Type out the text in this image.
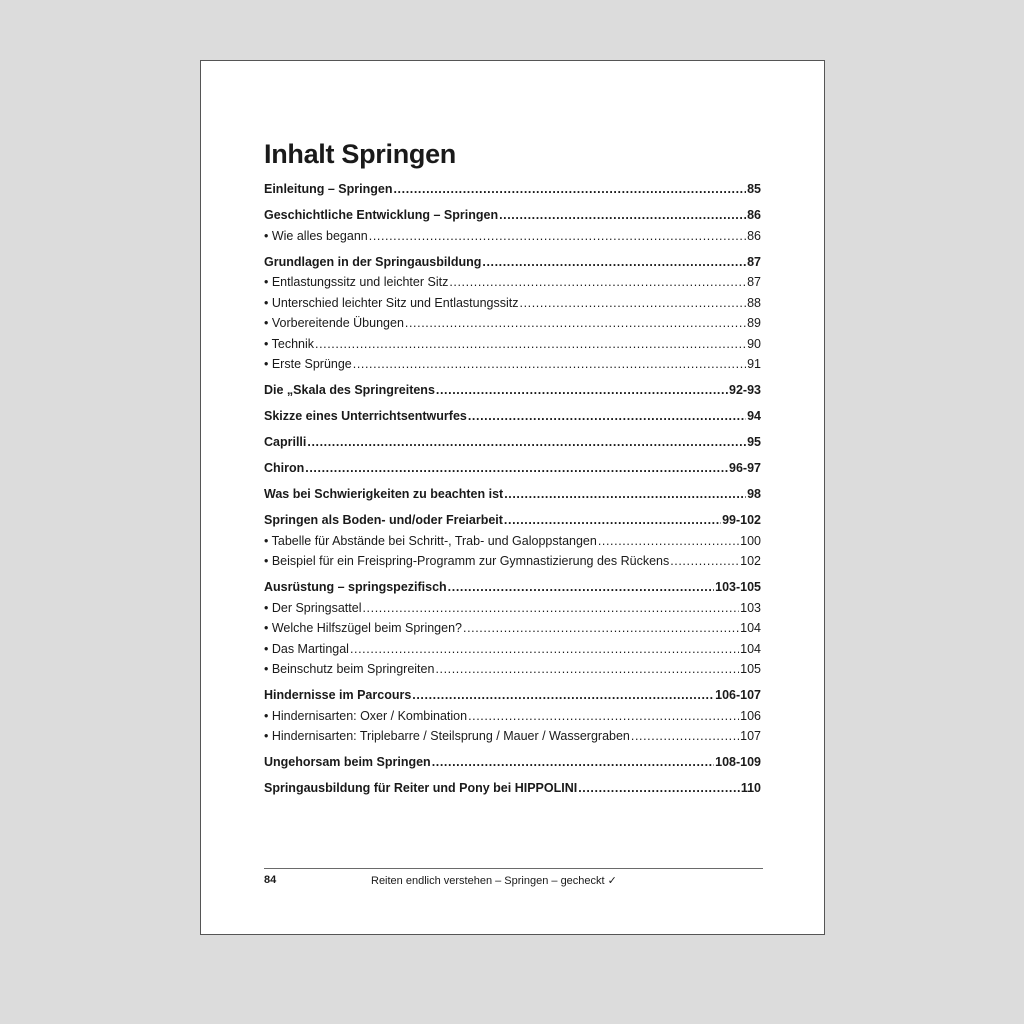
Inhalt Springen
Einleitung – Springen .....	85
Geschichtliche Entwicklung – Springen .....	86
• Wie alles begann .....	86
Grundlagen in der Springausbildung .....	87
• Entlastungssitz und leichter Sitz .....	87
• Unterschied leichter Sitz und Entlastungssitz .....	88
• Vorbereitende Übungen .....	89
• Technik .....	90
• Erste Sprünge .....	91
Die „Skala des Springreitens .....	92-93
Skizze eines Unterrichtsentwurfes .....	94
Caprilli .....	95
Chiron .....	96-97
Was bei Schwierigkeiten zu beachten ist .....	98
Springen als Boden- und/oder Freiarbeit .....	99-102
• Tabelle für Abstände bei Schritt-, Trab- und Galoppstangen .....	100
• Beispiel für ein Freispring-Programm zur Gymnastizierung des Rückens .....	102
Ausrüstung – springspezifisch .....	103-105
• Der Springsattel .....	103
• Welche Hilfszügel beim Springen? .....	104
• Das Martingal .....	104
• Beinschutz beim Springreiten .....	105
Hindernisse im Parcours .....	106-107
• Hindernisarten: Oxer / Kombination .....	106
• Hindernisarten: Triplebarre / Steilsprung / Mauer / Wassergraben .....	107
Ungehorsam beim Springen .....	108-109
Springausbildung für Reiter und Pony bei HIPPOLINI .....	110
84	Reiten endlich verstehen – Springen – gecheckt ✓
